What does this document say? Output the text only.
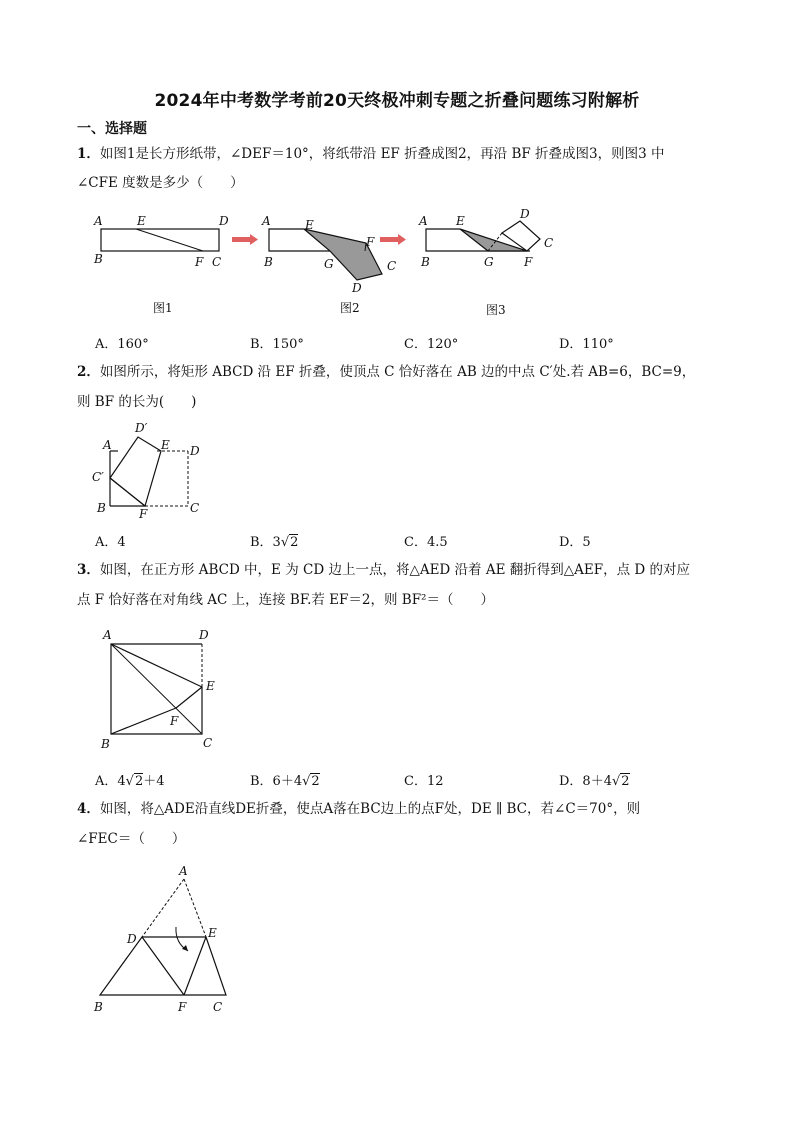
2024年中考数学考前20天终极冲刺专题之折叠问题练习附解析
一、选择题
1．如图1是长方形纸带，∠DEF＝10°，将纸带沿 EF 折叠成图2，再沿 BF 折叠成图3，则图3 中
∠CFE 度数是多少（　　）
A	E	D
B	F C
图1
A	E
F
B	G	C
D
图2
A E	D
C
B	G	F
图3
A．160°	B．150°	C．120°	D．110°
2．如图所示，将矩形 ABCD 沿 EF 折叠，使顶点 C 恰好落在 AB 边的中点 C′处.若 AB=6，BC=9，
则 BF 的长为(　　)
A
D′
E D
C′
B	F	C
A．4	B．3√2	C．4.5	D．5
3．如图，在正方形 ABCD 中，E 为 CD 边上一点，将△AED 沿着 AE 翻折得到△AEF，点 D 的对应
点 F 恰好落在对角线 AC 上，连接 BF.若 EF＝2，则 BF²＝（　　）
A	D
E
F
B	C
A．4√2＋4	B．6＋4√2	C．12	D．8＋4√2
4．如图，将△ADE沿直线DE折叠，使点A落在BC边上的点F处，DE ∥ BC，若∠C＝70°，则
∠FEC＝（　　）
A
D	E
B	F C
